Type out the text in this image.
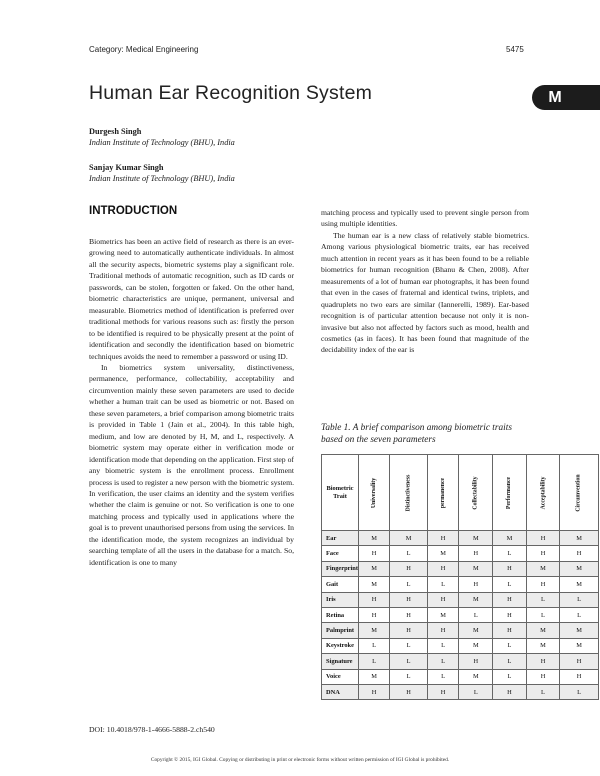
Category: Medical Engineering	5475
Human Ear Recognition System	M
Durgesh Singh
Indian Institute of Technology (BHU), India
Sanjay Kumar Singh
Indian Institute of Technology (BHU), India
INTRODUCTION

Biometrics has been an active field of research as there is an ever-growing need to automatically authenticate individuals. In almost all the security aspects, biometric systems play a significant role. Traditional methods of automatic recognition, such as ID cards or passwords, can be stolen, forgotten or faked. On the other hand, biometric characteristics are unique, permanent, universal and measurable. Biometrics method of identification is preferred over traditional methods for various reasons such as: firstly the person to be identified is required to be physically present at the point of identification and secondly the identification based on biometric techniques avoids the need to remember a password or using ID.

In biometrics system universality, distinctiveness, permanence, performance, collectability, acceptability and circumvention mainly these seven parameters are used to decide whether a human trait can be used as biometric or not. Based on these seven parameters, a brief comparison among biometric traits is provided in Table 1 (Jain et al., 2004). In this table high, medium, and low are denoted by H, M, and L, respectively. A biometric system may operate either in verification mode or identification mode that depending on the application. First step of any biometric system is the enrollment process. Enrollment process is used to register a new person with the biometric system. In verification, the user claims an identity and the system verifies whether the claim is genuine or not. So verification is one to one matching process and typically used in applications where the goal is to prevent unauthorised persons from using the services. In the identification mode, the system recognizes an individual by searching template of all the users in the database for a match. So, identification is one to many

matching process and typically used to prevent single person from using multiple identities.

The human ear is a new class of relatively stable biometrics. Among various physiological biometric traits, ear has received much attention in recent years as it has been found to be a reliable biometrics for human recognition (Bhanu & Chen, 2008). After measurements of a lot of human ear photographs, it has been found that even in the cases of fraternal and identical twins, triplets, and quadruplets no two ears are similar (Iannerelli, 1989). Ear-based recognition is of particular attention because not only it is non-invasive but also not affected by factors such as mood, health and cosmetics (as in faces). It has been found that magnitude of the decidability index of the ear is

Table 1. A brief comparison among biometric traits based on the seven parameters
Biometric Trait	Universality	Distinctiveness	permanence	Collectability	Performance	Acceptability	Circumvention
Ear	M	M	H	M	M	H	M
Face	H	L	M	H	L	H	H
Fingerprint	M	H	H	M	H	M	M
Gait	M	L	L	H	L	H	M
Iris	H	H	H	M	H	L	L
Retina	H	H	M	L	H	L	L
Palmprint	M	H	H	M	H	M	M
Keystroke	L	L	L	M	L	M	M
Signature	L	L	L	H	L	H	H
Voice	M	L	L	M	L	H	H
DNA	H	H	H	L	H	L	L
DOI: 10.4018/978-1-4666-5888-2.ch540
Copyright © 2015, IGI Global. Copying or distributing in print or electronic forms without written permission of IGI Global is prohibited.
